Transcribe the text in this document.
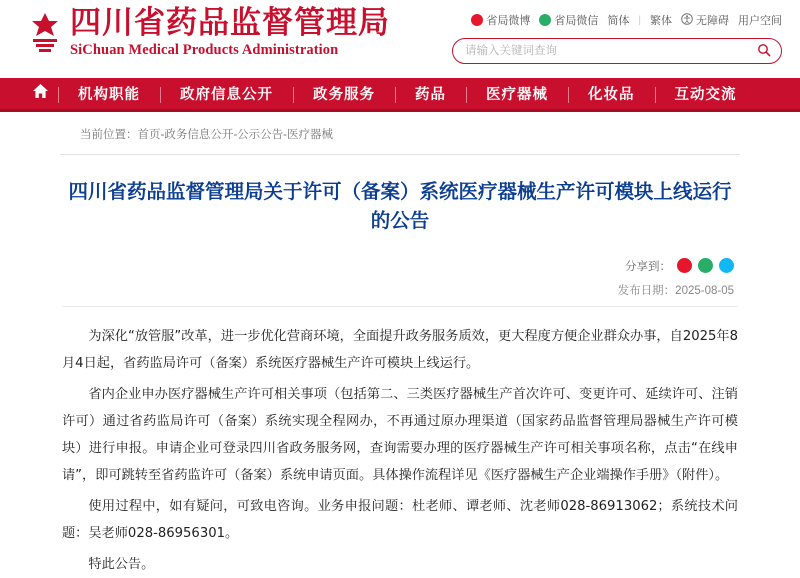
四川省药品监督管理局
SiChuan Medical Products Administration
省局微博 省局微信 简体 | 繁体 无障碍 用户空间
请输入关键词查询
机构职能	政府信息公开	政务服务	药品	医疗器械	化妆品	互动交流
当前位置：首页-政务信息公开-公示公告-医疗器械
四川省药品监督管理局关于许可（备案）系统医疗器械生产许可模块上线运行的公告
分享到：
发布日期：2025-08-05

为深化“放管服”改革，进一步优化营商环境，全面提升政务服务质效，更大程度方便企业群众办事，自2025年8月4日起，省药监局许可（备案）系统医疗器械生产许可模块上线运行。

省内企业申办医疗器械生产许可相关事项（包括第二、三类医疗器械生产首次许可、变更许可、延续许可、注销许可）通过省药监局许可（备案）系统实现全程网办，不再通过原办理渠道（国家药品监督管理局器械生产许可模块）进行申报。申请企业可登录四川省政务服务网，查询需要办理的医疗器械生产许可相关事项名称，点击“在线申请”，即可跳转至省药监许可（备案）系统申请页面。具体操作流程详见《医疗器械生产企业端操作手册》（附件）。

使用过程中，如有疑问，可致电咨询。业务申报问题：杜老师、谭老师、沈老师028-86913062；系统技术问题：吴老师028-86956301。

特此公告。
